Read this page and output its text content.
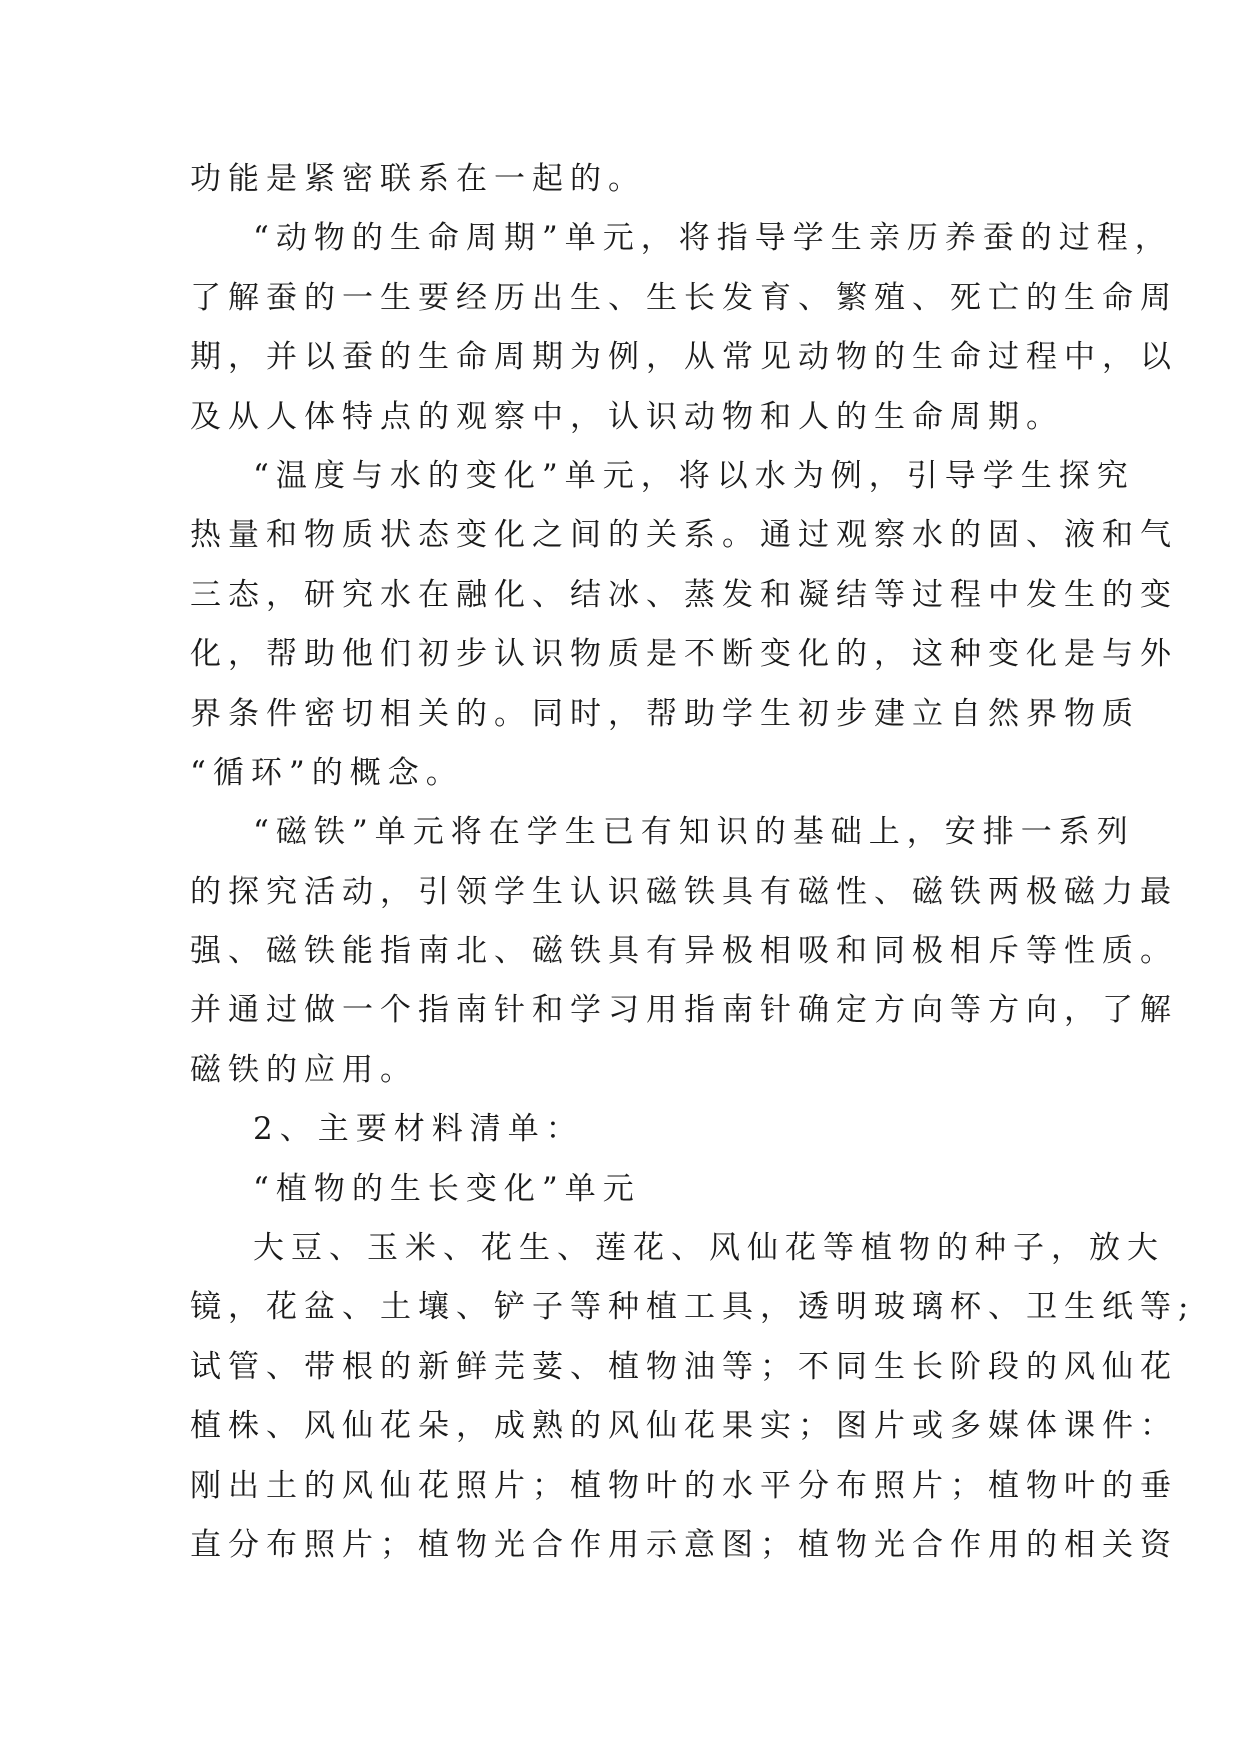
功能是紧密联系在一起的。
“动物的生命周期”单元，将指导学生亲历养蚕的过程，
了解蚕的一生要经历出生、生长发育、繁殖、死亡的生命周
期，并以蚕的生命周期为例，从常见动物的生命过程中，以
及从人体特点的观察中，认识动物和人的生命周期。
“温度与水的变化”单元，将以水为例，引导学生探究
热量和物质状态变化之间的关系。通过观察水的固、液和气
三态，研究水在融化、结冰、蒸发和凝结等过程中发生的变
化，帮助他们初步认识物质是不断变化的，这种变化是与外
界条件密切相关的。同时，帮助学生初步建立自然界物质
“循环”的概念。
“磁铁”单元将在学生已有知识的基础上，安排一系列
的探究活动，引领学生认识磁铁具有磁性、磁铁两极磁力最
强、磁铁能指南北、磁铁具有异极相吸和同极相斥等性质。
并通过做一个指南针和学习用指南针确定方向等方向，了解
磁铁的应用。
2、主要材料清单：
“植物的生长变化”单元
大豆、玉米、花生、莲花、风仙花等植物的种子，放大
镜，花盆、土壤、铲子等种植工具，透明玻璃杯、卫生纸等;
试管、带根的新鲜芫荽、植物油等；不同生长阶段的风仙花
植株、风仙花朵，成熟的风仙花果实；图片或多媒体课件：
刚出土的风仙花照片；植物叶的水平分布照片；植物叶的垂
直分布照片；植物光合作用示意图；植物光合作用的相关资
